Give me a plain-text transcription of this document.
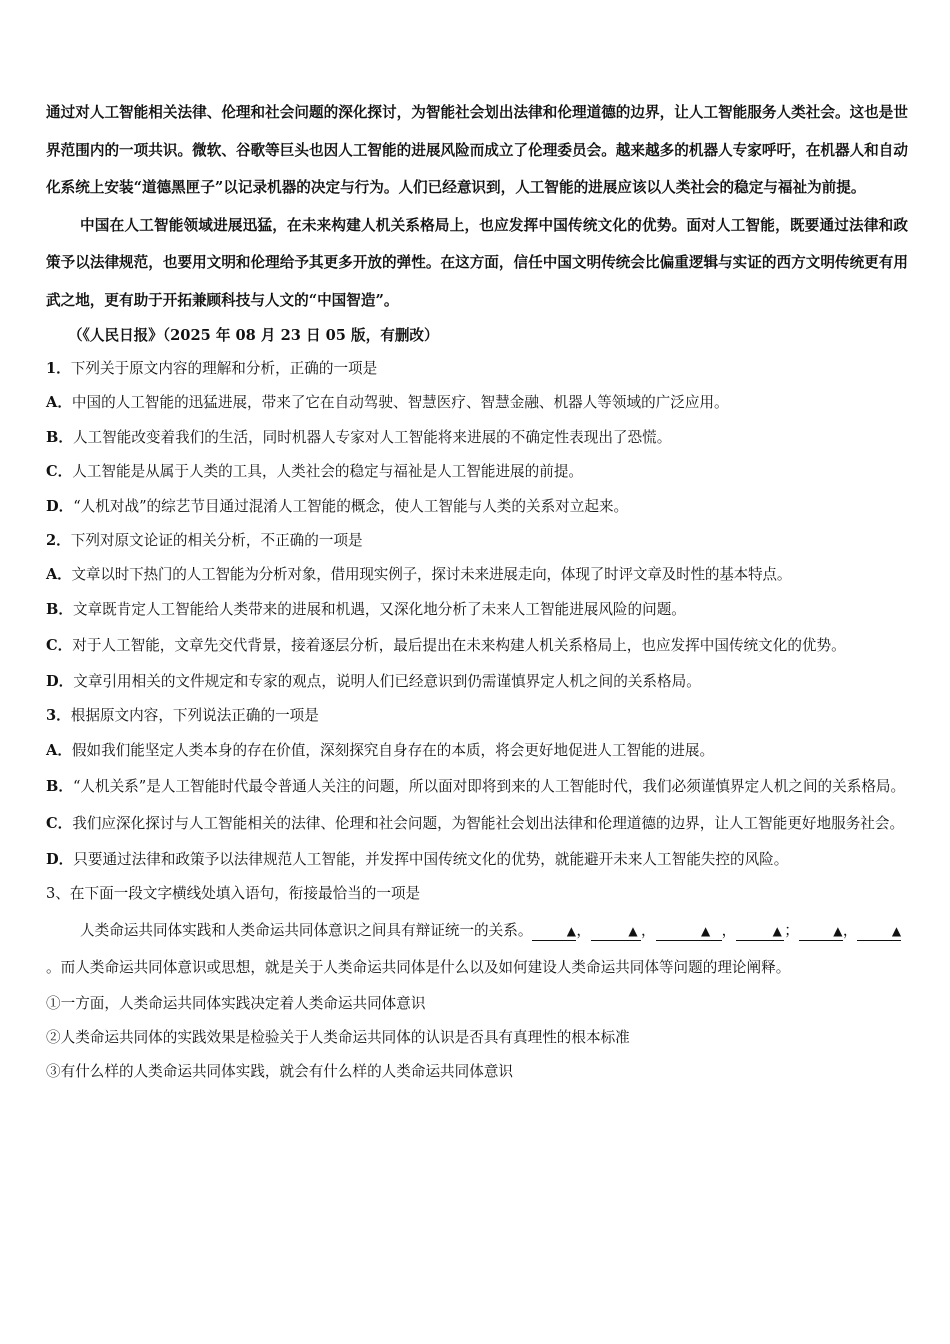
通过对人工智能相关法律、伦理和社会问题的深化探讨，为智能社会划出法律和伦理道德的边界，让人工智能服务人类社会。这也是世界范围内的一项共识。微软、谷歌等巨头也因人工智能的进展风险而成立了伦理委员会。越来越多的机器人专家呼吁，在机器人和自动化系统上安装“道德黑匣子”以记录机器的决定与行为。人们已经意识到，人工智能的进展应该以人类社会的稳定与福祉为前提。

中国在人工智能领域进展迅猛，在未来构建人机关系格局上，也应发挥中国传统文化的优势。面对人工智能，既要通过法律和政策予以法律规范，也要用文明和伦理给予其更多开放的弹性。在这方面，信任中国文明传统会比偏重逻辑与实证的西方文明传统更有用武之地，更有助于开拓兼顾科技与人文的“中国智造”。

（《人民日报》（2025 年 08 月 23 日 05 版，有删改）

1．下列关于原文内容的理解和分析，正确的一项是

A．中国的人工智能的迅猛进展，带来了它在自动驾驶、智慧医疗、智慧金融、机器人等领域的广泛应用。

B．人工智能改变着我们的生活，同时机器人专家对人工智能将来进展的不确定性表现出了恐慌。

C．人工智能是从属于人类的工具，人类社会的稳定与福祉是人工智能进展的前提。

D．“人机对战”的综艺节目通过混淆人工智能的概念，使人工智能与人类的关系对立起来。

2．下列对原文论证的相关分析，不正确的一项是

A．文章以时下热门的人工智能为分析对象，借用现实例子，探讨未来进展走向，体现了时评文章及时性的基本特点。

B．文章既肯定人工智能给人类带来的进展和机遇，又深化地分析了未来人工智能进展风险的问题。

C．对于人工智能，文章先交代背景，接着逐层分析，最后提出在未来构建人机关系格局上，也应发挥中国传统文化的优势。

D．文章引用相关的文件规定和专家的观点，说明人们已经意识到仍需谨慎界定人机之间的关系格局。

3．根据原文内容，下列说法正确的一项是

A．假如我们能坚定人类本身的存在价值，深刻探究自身存在的本质，将会更好地促进人工智能的进展。

B．“人机关系”是人工智能时代最令普通人关注的问题，所以面对即将到来的人工智能时代，我们必须谨慎界定人机之间的关系格局。

C．我们应深化探讨与人工智能相关的法律、伦理和社会问题，为智能社会划出法律和伦理道德的边界，让人工智能更好地服务社会。

D．只要通过法律和政策予以法律规范人工智能，并发挥中国传统文化的优势，就能避开未来人工智能失控的风险。

3、在下面一段文字横线处填入语句，衔接最恰当的一项是

人类命运共同体实践和人类命运共同体意识之间具有辩证统一的关系。	▲，	▲ ，	▲ ，	▲ ；	▲，	▲。而人类命运共同体意识或思想，就是关于人类命运共同体是什么以及如何建设人类命运共同体等问题的理论阐释。

①一方面，人类命运共同体实践决定着人类命运共同体意识

②人类命运共同体的实践效果是检验关于人类命运共同体的认识是否具有真理性的根本标准

③有什么样的人类命运共同体实践，就会有什么样的人类命运共同体意识
